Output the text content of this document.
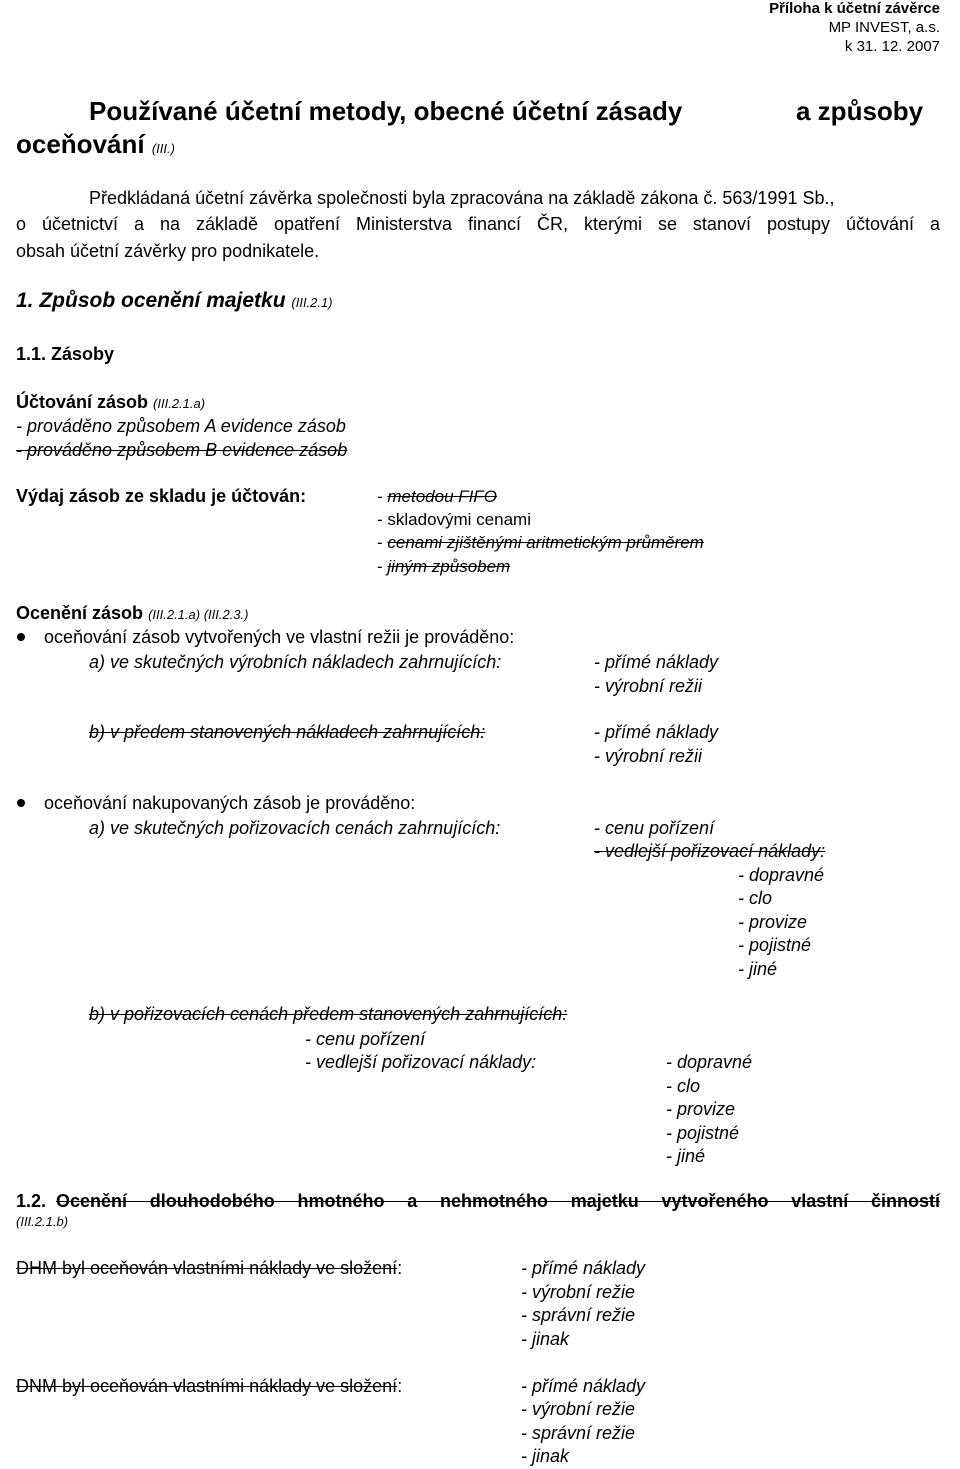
Příloha k účetní závěrce
MP INVEST, a.s.
k 31. 12. 2007
Používané účetní metody, obecné účetní zásady	a způsoby
oceňování (III.)
Předkládaná účetní závěrka společnosti byla zpracována na základě zákona č. 563/1991 Sb.,
o účetnictví a na základě opatření Ministerstva financí ČR, kterými se stanoví postupy účtování a
obsah účetní závěrky pro podnikatele.
1. Způsob ocenění majetku (III.2.1)
1.1. Zásoby
Účtování zásob (III.2.1.a)
- prováděno způsobem A evidence zásob
- prováděno způsobem B evidence zásob
Výdaj zásob ze skladu je účtován:	- metodou FIFO
- skladovými cenami
- cenami zjištěnými aritmetickým průměrem
- jiným způsobem
Ocenění zásob (III.2.1.a) (III.2.3.)
oceňování zásob vytvořených ve vlastní režii je prováděno:
a) ve skutečných výrobních nákladech zahrnujících:	- přímé náklady
- výrobní režii
b) v předem stanovených nákladech zahrnujících:	- přímé náklady
- výrobní režii
oceňování nakupovaných zásob je prováděno:
a) ve skutečných pořizovacích cenách zahrnujících:	- cenu pořízení
- vedlejší pořizovací náklady:
- dopravné
- clo
- provize
- pojistné
- jiné
b) v pořizovacích cenách předem stanovených zahrnujících:
- cenu pořízení
- vedlejší pořizovací náklady:	- dopravné
- clo
- provize
- pojistné
- jiné
1.2. Ocenění dlouhodobého hmotného a nehmotného majetku vytvořeného vlastní činností
(III.2.1.b)
DHM byl oceňován vlastními náklady ve složení:	- přímé náklady
- výrobní režie
- správní režie
- jinak
DNM byl oceňován vlastními náklady ve složení:	- přímé náklady
- výrobní režie
- správní režie
- jinak
